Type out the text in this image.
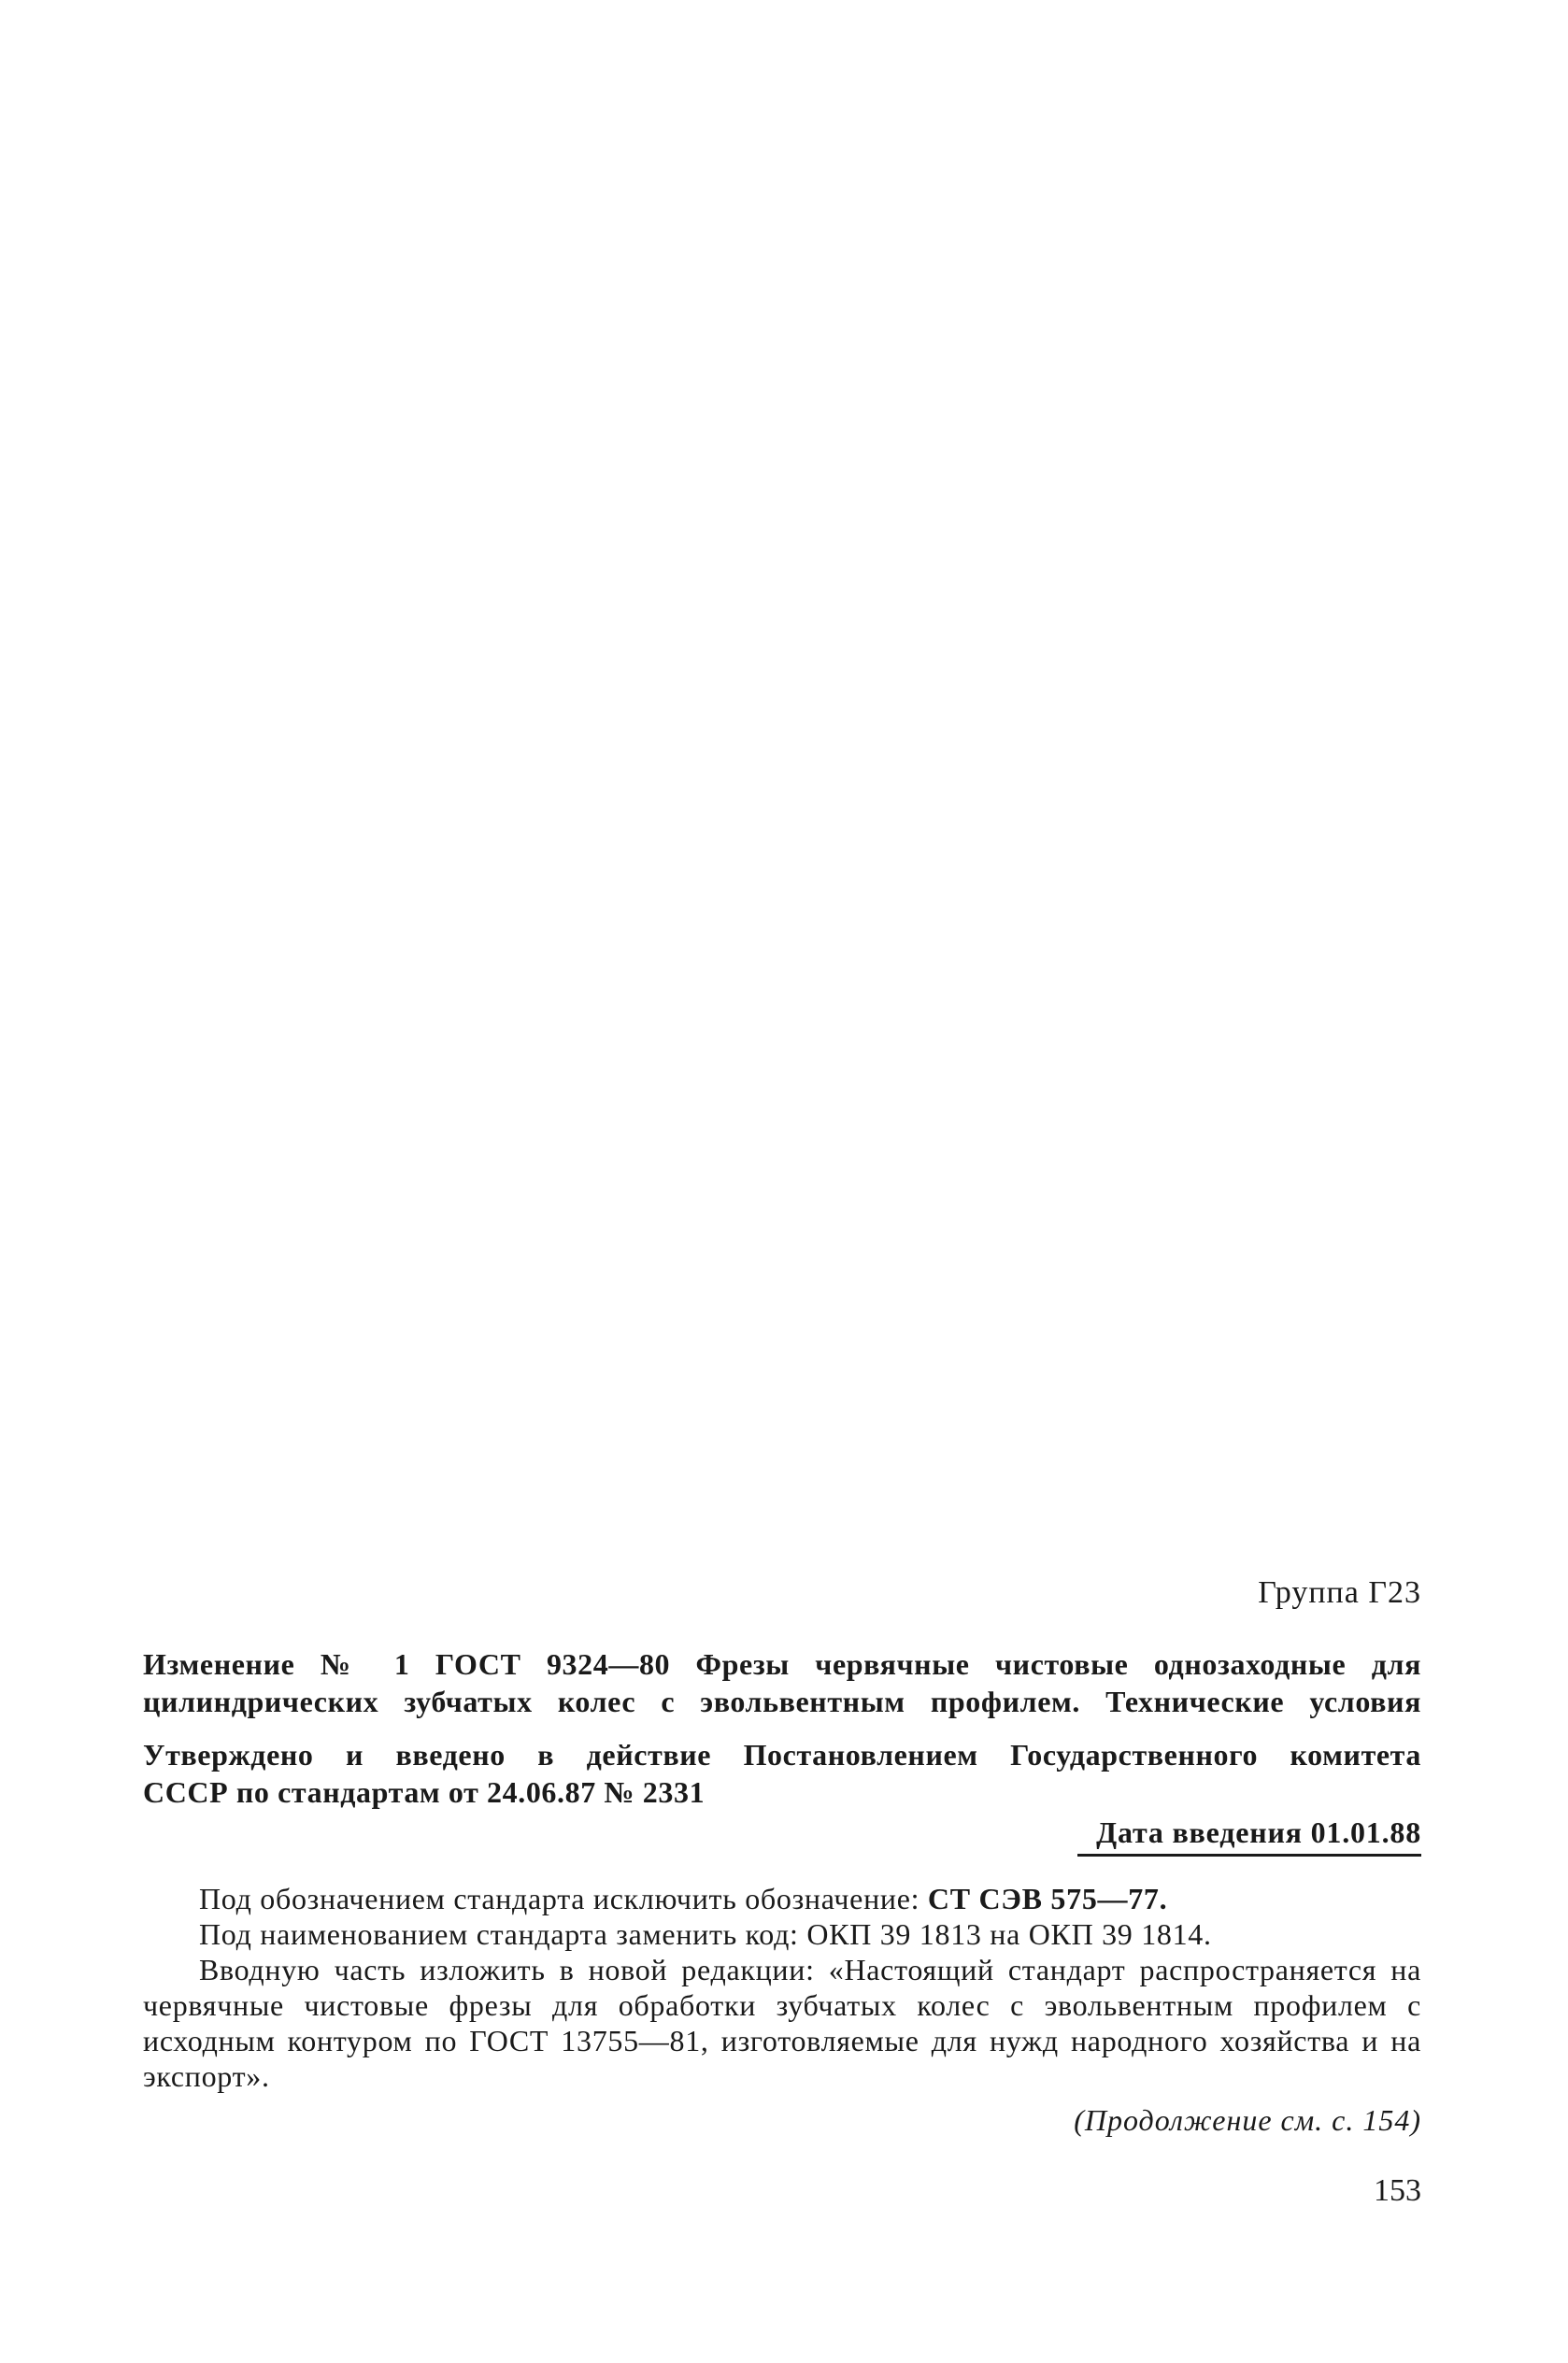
Группа Г23
Изменение № 1 ГОСТ 9324—80 Фрезы червячные чистовые однозаходные для
цилиндрических зубчатых колес с эвольвентным профилем. Технические условия
Утверждено и введено в действие Постановлением Государственного комитета
СССР по стандартам от 24.06.87 № 2331
Дата введения 01.01.88

Под обозначением стандарта исключить обозначение: СТ СЭВ 575—77.

Под наименованием стандарта заменить код: ОКП 39 1813 на ОКП 39 1814.

Вводную часть изложить в новой редакции: «Настоящий стандарт распространяется на червячные чистовые фрезы для обработки зубчатых колес с эвольвентным профилем с исходным контуром по ГОСТ 13755—81, изготовляемые для нужд народного хозяйства и на экспорт».

(Продолжение см. с. 154)
153
